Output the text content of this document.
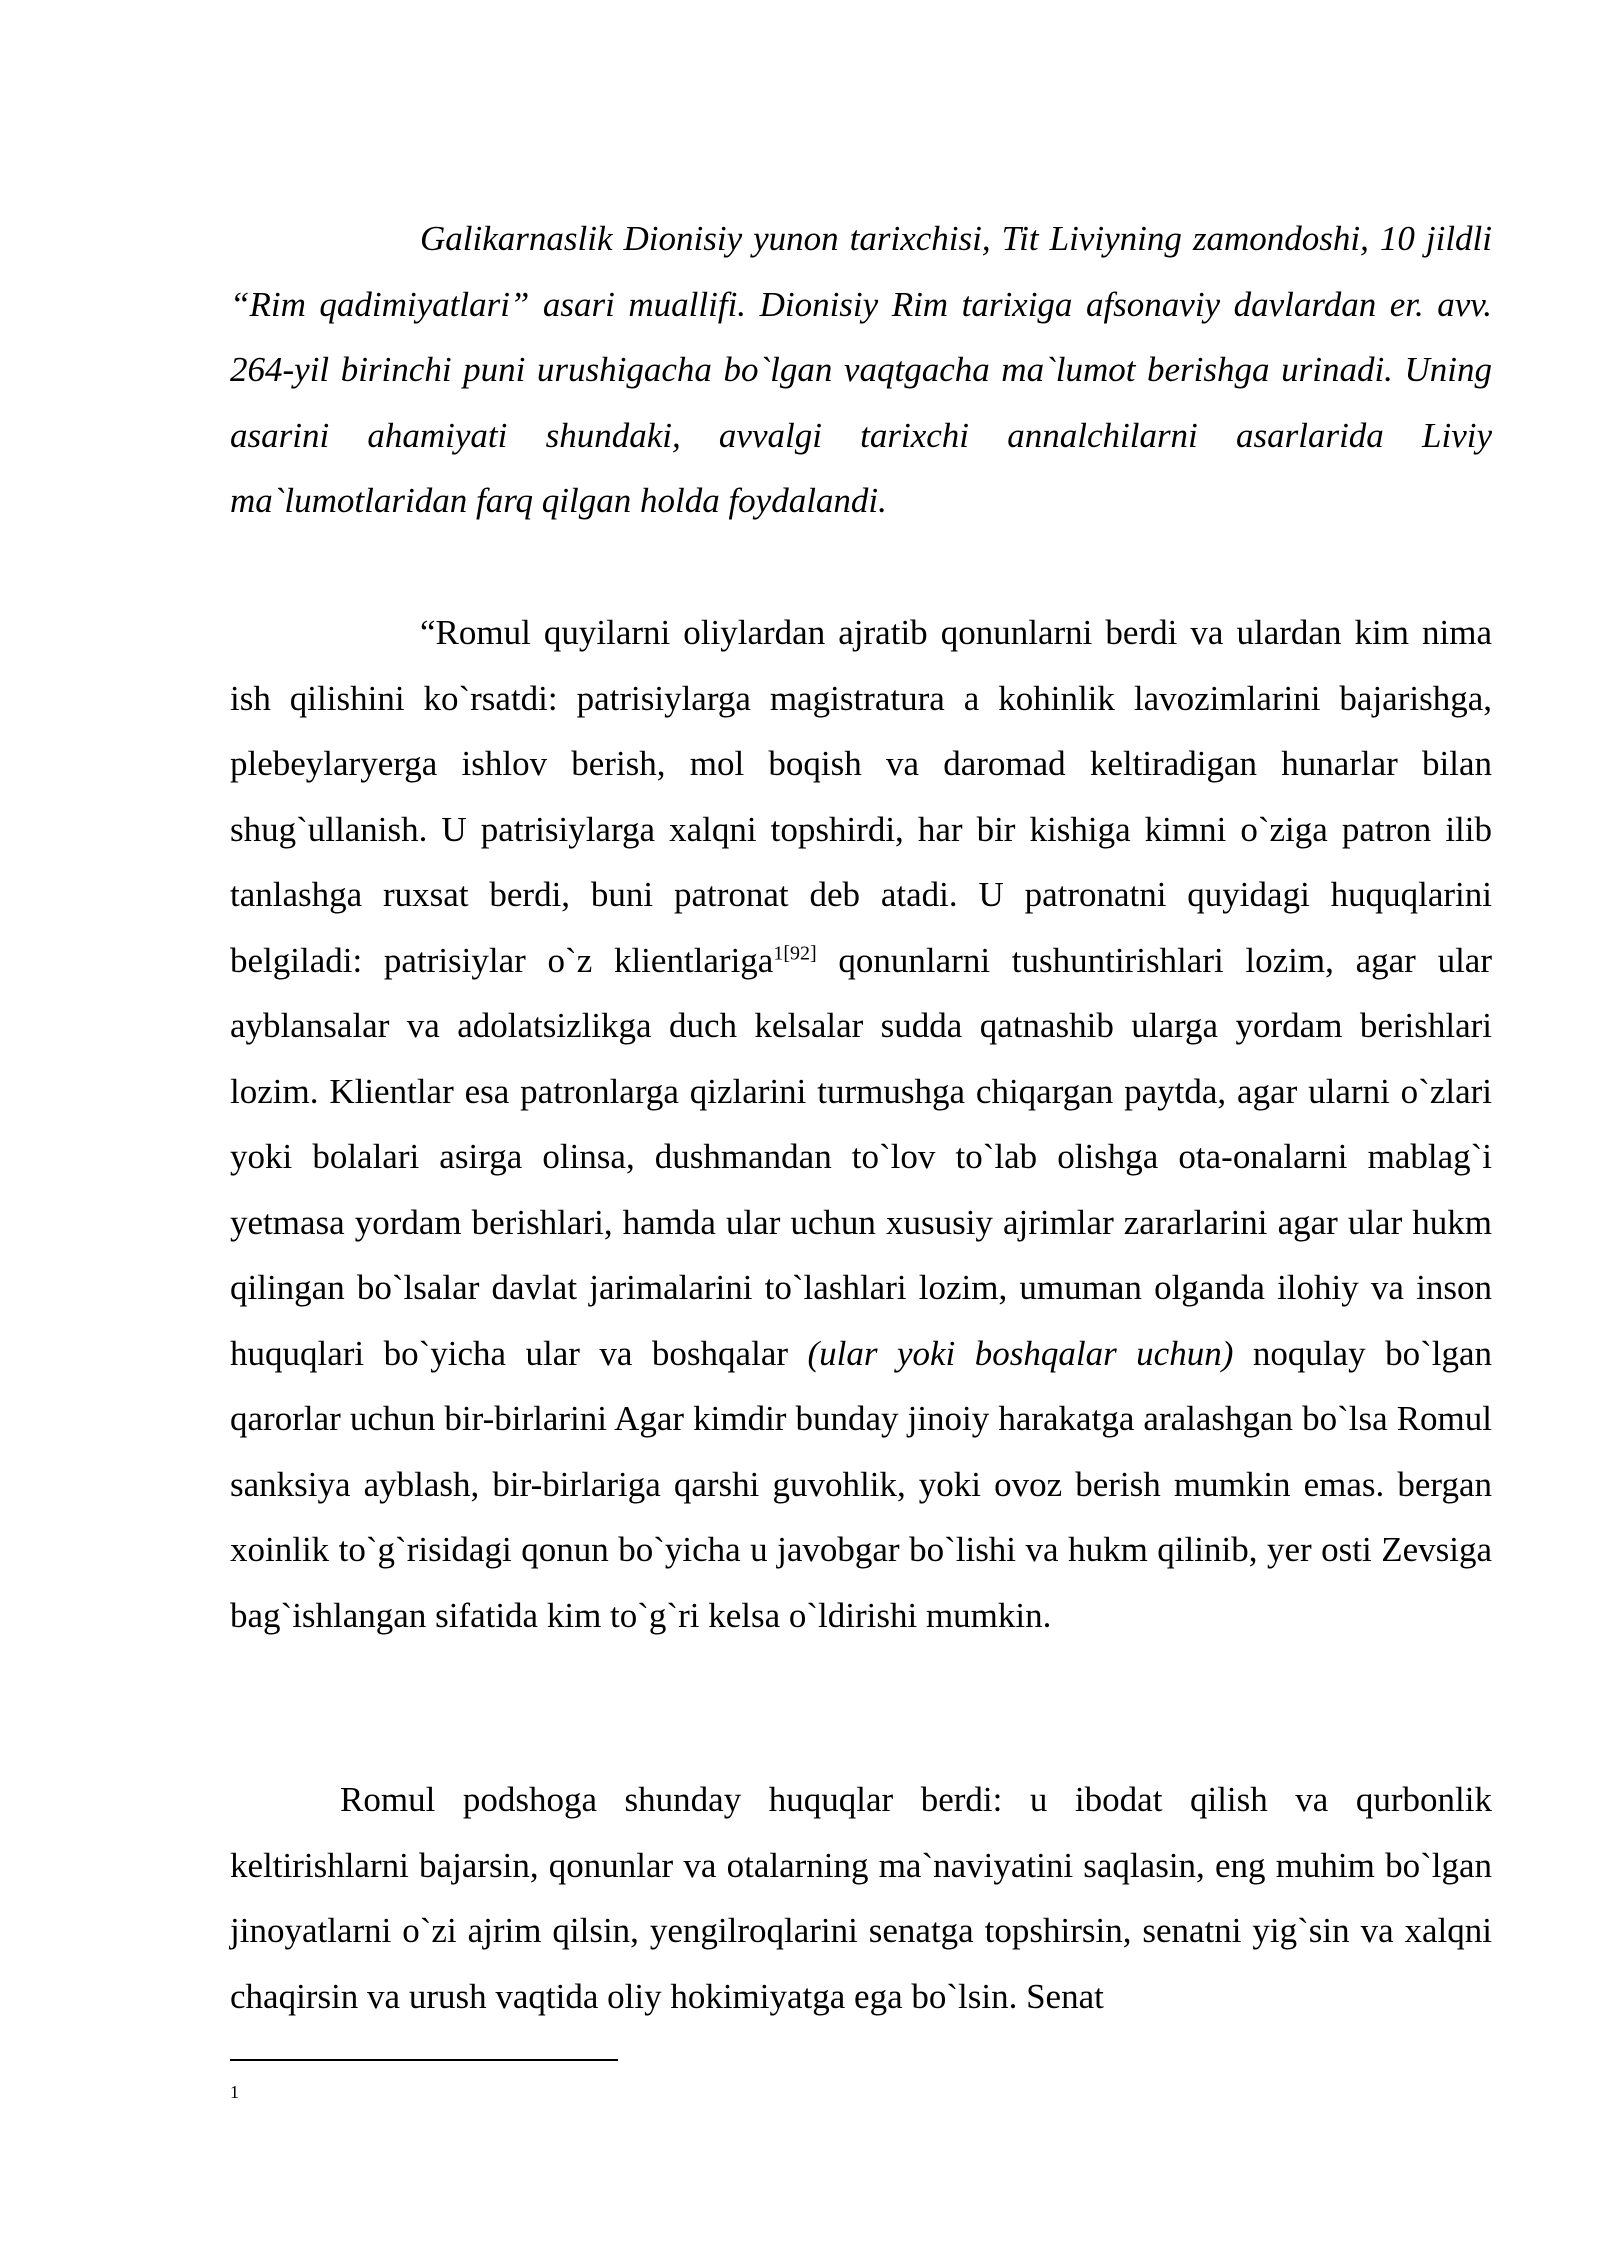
Galikarnaslik Dionisiy yunon tarixchisi, Tit Liviyning zamondoshi, 10 jildli “Rim qadimiyatlari” asari muallifi. Dionisiy Rim tarixiga afsonaviy davlardan er. avv. 264-yil birinchi puni urushigacha bo`lgan vaqtgacha ma`lumot berishga urinadi. Uning asarini ahamiyati shundaki, avvalgi tarixchi annalchilarni asarlarida Liviy ma`lumotlaridan farq qilgan holda foydalandi.

“Romul quyilarni oliylardan ajratib qonunlarni berdi va ulardan kim nima ish qilishini ko`rsatdi: patrisiylarga magistratura a kohinlik lavozimlarini bajarishga, plebeylaryerga ishlov berish, mol boqish va daromad keltiradigan hunarlar bilan shug`ullanish. U patrisiylarga xalqni topshirdi, har bir kishiga kimni o`ziga patron ilib tanlashga ruxsat berdi, buni patronat deb atadi. U patronatni quyidagi huquqlarini belgiladi: patrisiylar o`z klientlariga$^{1[92]}$ qonunlarni tushuntirishlari lozim, agar ular ayblansalar va adolatsizlikga duch kelsalar sudda qatnashib ularga yordam berishlari lozim. Klientlar esa patronlarga qizlarini turmushga chiqargan paytda, agar ularni o`zlari yoki bolalari asirga olinsa, dushmandan to`lov to`lab olishga ota-onalarni mablag`i yetmasa yordam berishlari, hamda ular uchun xususiy ajrimlar zararlarini agar ular hukm qilingan bo`lsalar davlat jarimalarini to`lashlari lozim, umuman olganda ilohiy va inson huquqlari bo`yicha ular va boshqalar (ular yoki boshqalar uchun) noqulay bo`lgan qarorlar uchun bir-birlarini Agar kimdir bunday jinoiy harakatga aralashgan bo`lsa Romul sanksiya ayblash, bir-birlariga qarshi guvohlik, yoki ovoz berish mumkin emas. bergan xoinlik to`g`risidagi qonun bo`yicha u javobgar bo`lishi va hukm qilinib, yer osti Zevsiga bag`ishlangan sifatida kim to`g`ri kelsa o`ldirishi mumkin.

Romul podshoga shunday huquqlar berdi: u ibodat qilish va qurbonlik keltirishlarni bajarsin, qonunlar va otalarning ma`naviyatini saqlasin, eng muhim bo`lgan jinoyatlarni o`zi ajrim qilsin, yengilroqlarini senatga topshirsin, senatni yig`sin va xalqni chaqirsin va urush vaqtida oliy hokimiyatga ega bo`lsin. Senat

1
